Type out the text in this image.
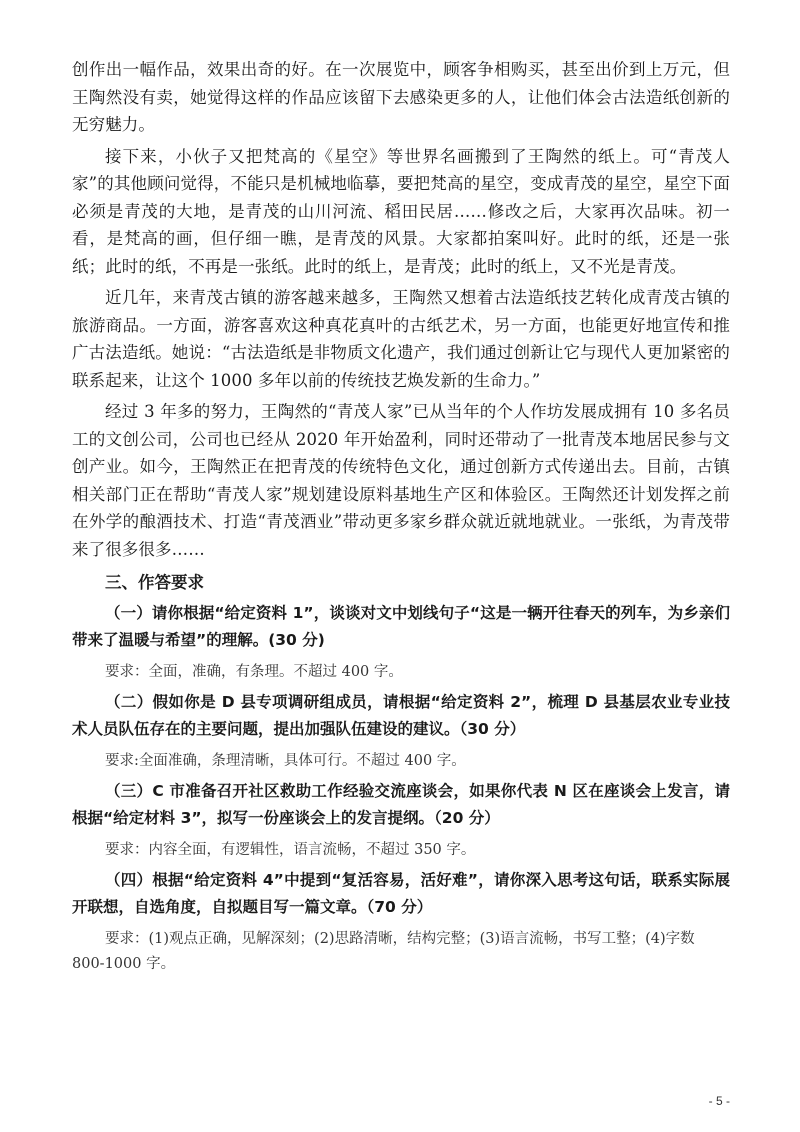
创作出一幅作品，效果出奇的好。在一次展览中，顾客争相购买，甚至出价到上万元，但王陶然没有卖，她觉得这样的作品应该留下去感染更多的人，让他们体会古法造纸创新的无穷魅力。

接下来，小伙子又把梵高的《星空》等世界名画搬到了王陶然的纸上。可“青茂人家”的其他顾问觉得，不能只是机械地临摹，要把梵高的星空，变成青茂的星空，星空下面必须是青茂的大地，是青茂的山川河流、稻田民居……修改之后，大家再次品味。初一看，是梵高的画，但仔细一瞧，是青茂的风景。大家都拍案叫好。此时的纸，还是一张纸；此时的纸，不再是一张纸。此时的纸上，是青茂；此时的纸上，又不光是青茂。

近几年，来青茂古镇的游客越来越多，王陶然又想着古法造纸技艺转化成青茂古镇的旅游商品。一方面，游客喜欢这种真花真叶的古纸艺术，另一方面，也能更好地宣传和推广古法造纸。她说：“古法造纸是非物质文化遗产，我们通过创新让它与现代人更加紧密的联系起来，让这个 1000 多年以前的传统技艺焕发新的生命力。”

经过 3 年多的努力，王陶然的“青茂人家”已从当年的个人作坊发展成拥有 10 多名员工的文创公司，公司也已经从 2020 年开始盈利，同时还带动了一批青茂本地居民参与文创产业。如今，王陶然正在把青茂的传统特色文化，通过创新方式传递出去。目前，古镇相关部门正在帮助“青茂人家”规划建设原料基地生产区和体验区。王陶然还计划发挥之前在外学的酿酒技术、打造“青茂酒业”带动更多家乡群众就近就地就业。一张纸，为青茂带来了很多很多……

三、作答要求

（一）请你根据“给定资料 1”，谈谈对文中划线句子“这是一辆开往春天的列车，为乡亲们带来了温暖与希望”的理解。(30 分)

要求：全面，准确，有条理。不超过 400 字。

（二）假如你是 D 县专项调研组成员，请根据“给定资料 2”，梳理 D 县基层农业专业技术人员队伍存在的主要问题，提出加强队伍建设的建议。（30 分）

要求:全面准确，条理清晰，具体可行。不超过 400 字。

（三）C 市准备召开社区救助工作经验交流座谈会，如果你代表 N 区在座谈会上发言，请根据“给定材料 3”，拟写一份座谈会上的发言提纲。（20 分）

要求：内容全面，有逻辑性，语言流畅，不超过 350 字。

（四）根据“给定资料 4”中提到“复活容易，活好难”，请你深入思考这句话，联系实际展开联想，自选角度，自拟题目写一篇文章。（70 分）

要求：(1)观点正确，见解深刻；(2)思路清晰，结构完整；(3)语言流畅，书写工整；(4)字数 800-1000 字。

- 5 -
